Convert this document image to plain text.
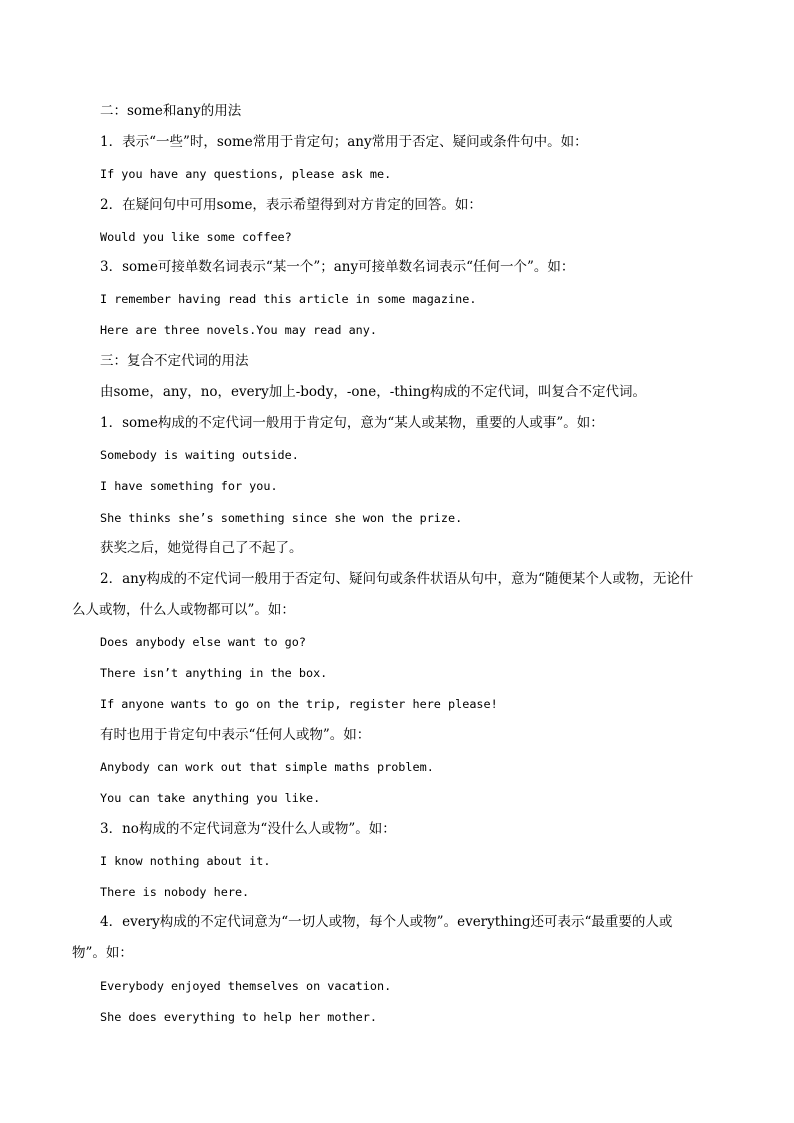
二：some和any的用法

1．表示“一些”时，some常用于肯定句；any常用于否定、疑问或条件句中。如：

If you have any questions, please ask me.

2．在疑问句中可用some，表示希望得到对方肯定的回答。如：

Would you like some coffee?

3．some可接单数名词表示“某一个”；any可接单数名词表示“任何一个”。如：

I remember having read this article in some magazine.

Here are three novels.You may read any.

三：复合不定代词的用法

由some，any，no，every加上-body，-one，-thing构成的不定代词，叫复合不定代词。

1．some构成的不定代词一般用于肯定句，意为“某人或某物，重要的人或事”。如：

Somebody is waiting outside.

I have something for you.

She thinks she’s something since she won the prize.

获奖之后，她觉得自己了不起了。

2．any构成的不定代词一般用于否定句、疑问句或条件状语从句中，意为“随便某个人或物，无论什

么人或物，什么人或物都可以”。如：

Does anybody else want to go?

There isn’t anything in the box.

If anyone wants to go on the trip, register here please!

有时也用于肯定句中表示“任何人或物”。如：

Anybody can work out that simple maths problem.

You can take anything you like.

3．no构成的不定代词意为“没什么人或物”。如：

I know nothing about it.

There is nobody here.

4．every构成的不定代词意为“一切人或物，每个人或物”。everything还可表示“最重要的人或

物”。如：

Everybody enjoyed themselves on vacation.

She does everything to help her mother.
